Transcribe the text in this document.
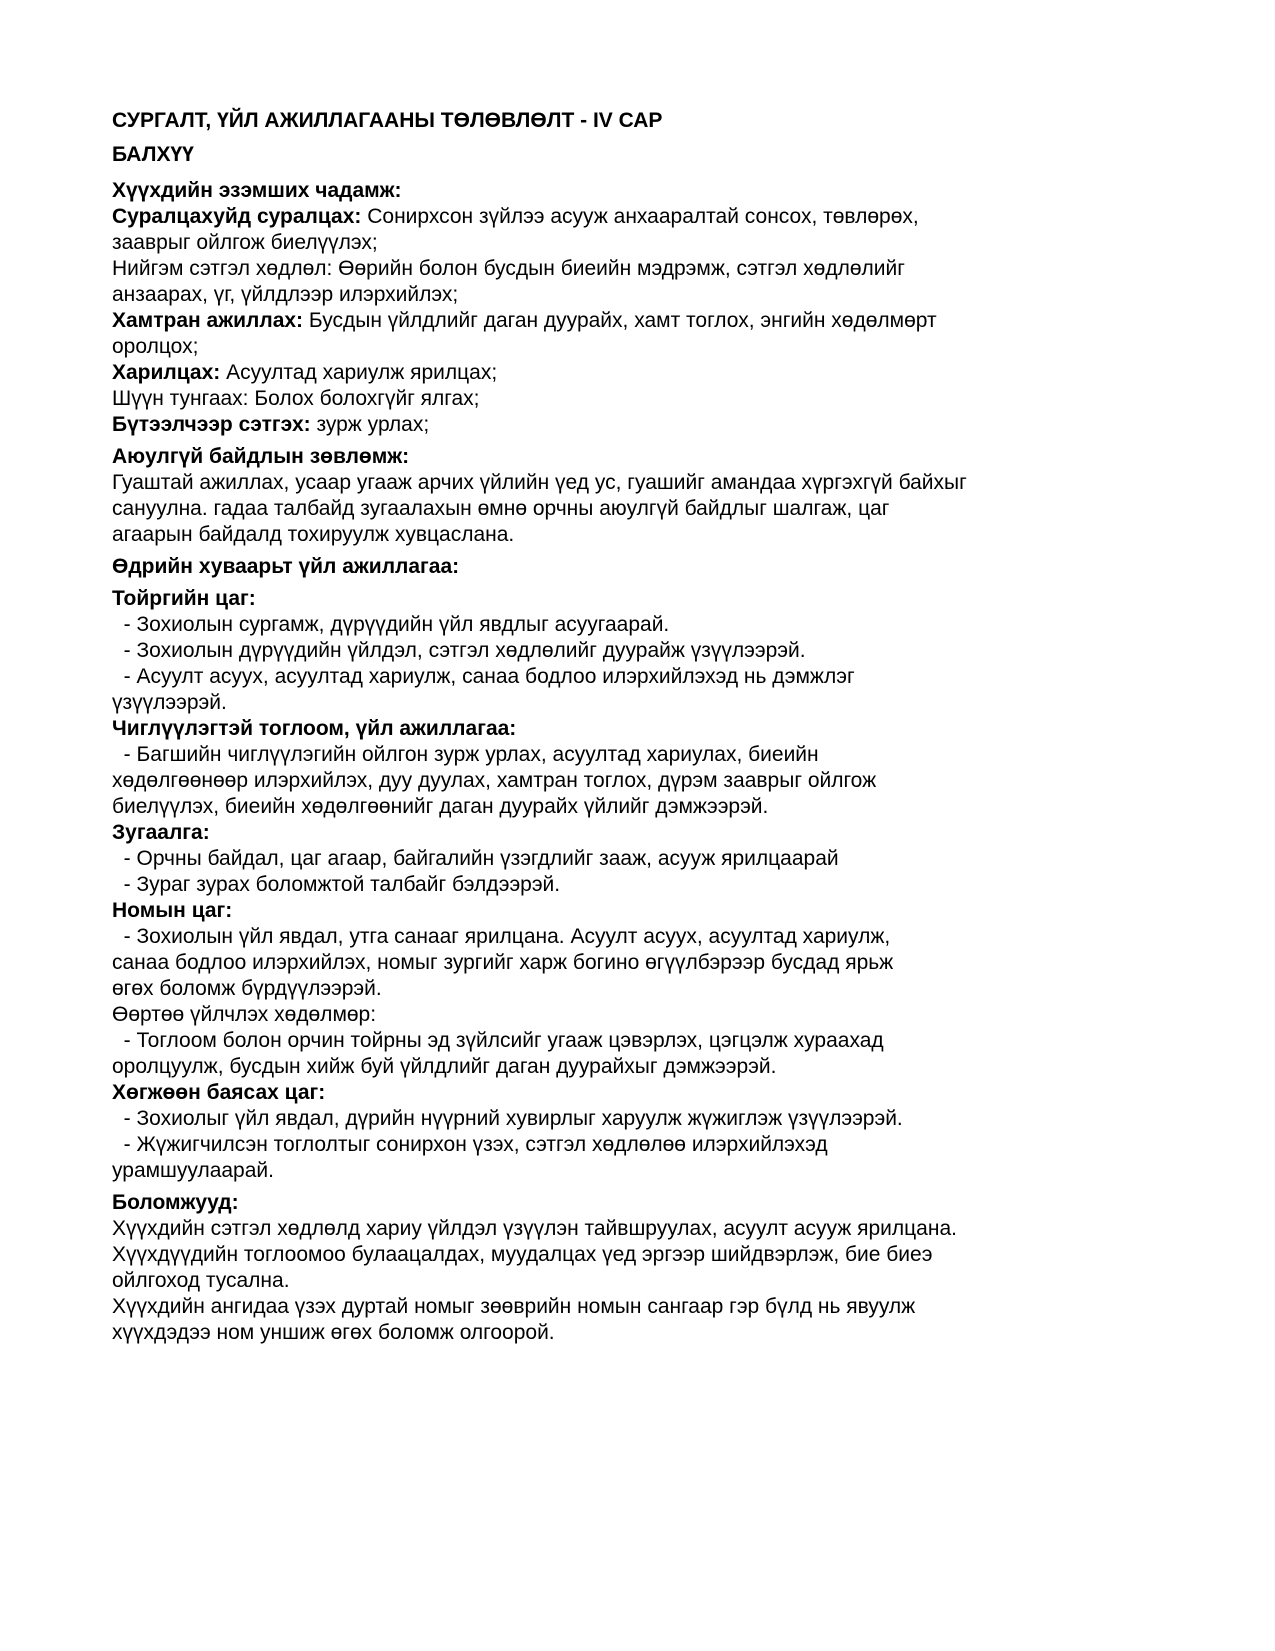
СУРГАЛТ, ҮЙЛ АЖИЛЛАГААНЫ ТӨЛӨВЛӨЛТ - IV САР
БАЛХҮҮ
Хүүхдийн эзэмших чадамж:
Суралцахуйд суралцах: Сонирхсон зүйлээ асууж анхааралтай сонсох, төвлөрөх,
зааврыг ойлгож биелүүлэх;
Нийгэм сэтгэл хөдлөл: Өөрийн болон бусдын биеийн мэдрэмж, сэтгэл хөдлөлийг
анзаарах, үг, үйлдлээр илэрхийлэх;
Хамтран ажиллах: Бусдын үйлдлийг даган дуурайх, хамт тоглох, энгийн хөдөлмөрт
оролцох;
Харилцах: Асуултад хариулж ярилцах;
Шүүн тунгаах: Болох болохгүйг ялгах;
Бүтээлчээр сэтгэх: зурж урлах;
Аюулгүй байдлын зөвлөмж:
Гуаштай ажиллах, усаар угааж арчих үйлийн үед ус, гуашийг амандаа хүргэхгүй байхыг
сануулна. гадаа талбайд зугаалахын өмнө орчны аюулгүй байдлыг шалгаж, цаг
агаарын байдалд тохируулж хувцаслана.
Өдрийн хуваарьт үйл ажиллагаа:
Тойргийн цаг:
- Зохиолын сургамж, дүрүүдийн үйл явдлыг асуугаарай.
- Зохиолын дүрүүдийн үйлдэл, сэтгэл хөдлөлийг дуурайж үзүүлээрэй.
- Асуулт асуух, асуултад хариулж, санаа бодлоо илэрхийлэхэд нь дэмжлэг
үзүүлээрэй.
Чиглүүлэгтэй тоглоом, үйл ажиллагаа:
- Багшийн чиглүүлэгийн ойлгон зурж урлах, асуултад хариулах, биеийн
хөдөлгөөнөөр илэрхийлэх, дуу дуулах, хамтран тоглох, дүрэм зааврыг ойлгож
биелүүлэх, биеийн хөдөлгөөнийг даган дуурайх үйлийг дэмжээрэй.
Зугаалга:
- Орчны байдал, цаг агаар, байгалийн үзэгдлийг зааж, асууж ярилцаарай
- Зураг зурах боломжтой талбайг бэлдээрэй.
Номын цаг:
- Зохиолын үйл явдал, утга санааг ярилцана. Асуулт асуух, асуултад хариулж,
санаа бодлоо илэрхийлэх, номыг зургийг харж богино өгүүлбэрээр бусдад ярьж
өгөх боломж бүрдүүлээрэй.
Өөртөө үйлчлэх хөдөлмөр:
- Тоглоом болон орчин тойрны эд зүйлсийг угааж цэвэрлэх, цэгцэлж хураахад
оролцуулж, бусдын хийж буй үйлдлийг даган дуурайхыг дэмжээрэй.
Хөгжөөн баясах цаг:
- Зохиолыг үйл явдал, дүрийн нүүрний хувирлыг харуулж жүжиглэж үзүүлээрэй.
- Жүжигчилсэн тоглолтыг сонирхон үзэх, сэтгэл хөдлөлөө илэрхийлэхэд
урамшуулаарай.
Боломжууд:
Хүүхдийн сэтгэл хөдлөлд хариу үйлдэл үзүүлэн тайвшруулах, асуулт асууж ярилцана.
Хүүхдүүдийн тоглоомоо булаацалдах, муудалцах үед эргээр шийдвэрлэж, бие биеэ
ойлгоход тусална.
Хүүхдийн ангидаа үзэх дуртай номыг зөөврийн номын сангаар гэр бүлд нь явуулж
хүүхдэдээ ном уншиж өгөх боломж олгоорой.
